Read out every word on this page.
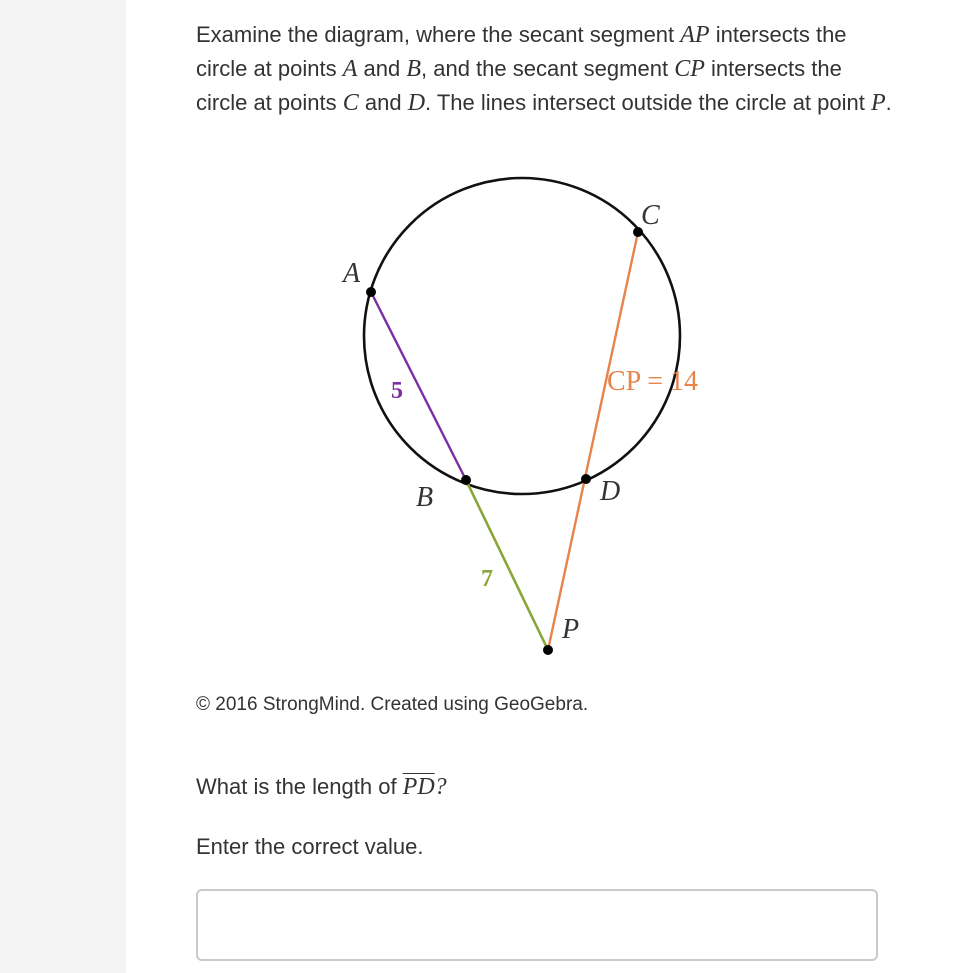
Examine the diagram, where the secant segment AP intersects the circle at points A and B, and the secant segment CP intersects the circle at points C and D. The lines intersect outside the circle at point P.

A
B
C
D
P
5
7
CP = 14

© 2016 StrongMind. Created using GeoGebra.

What is the length of $\overline{PD}$?

Enter the correct value.
